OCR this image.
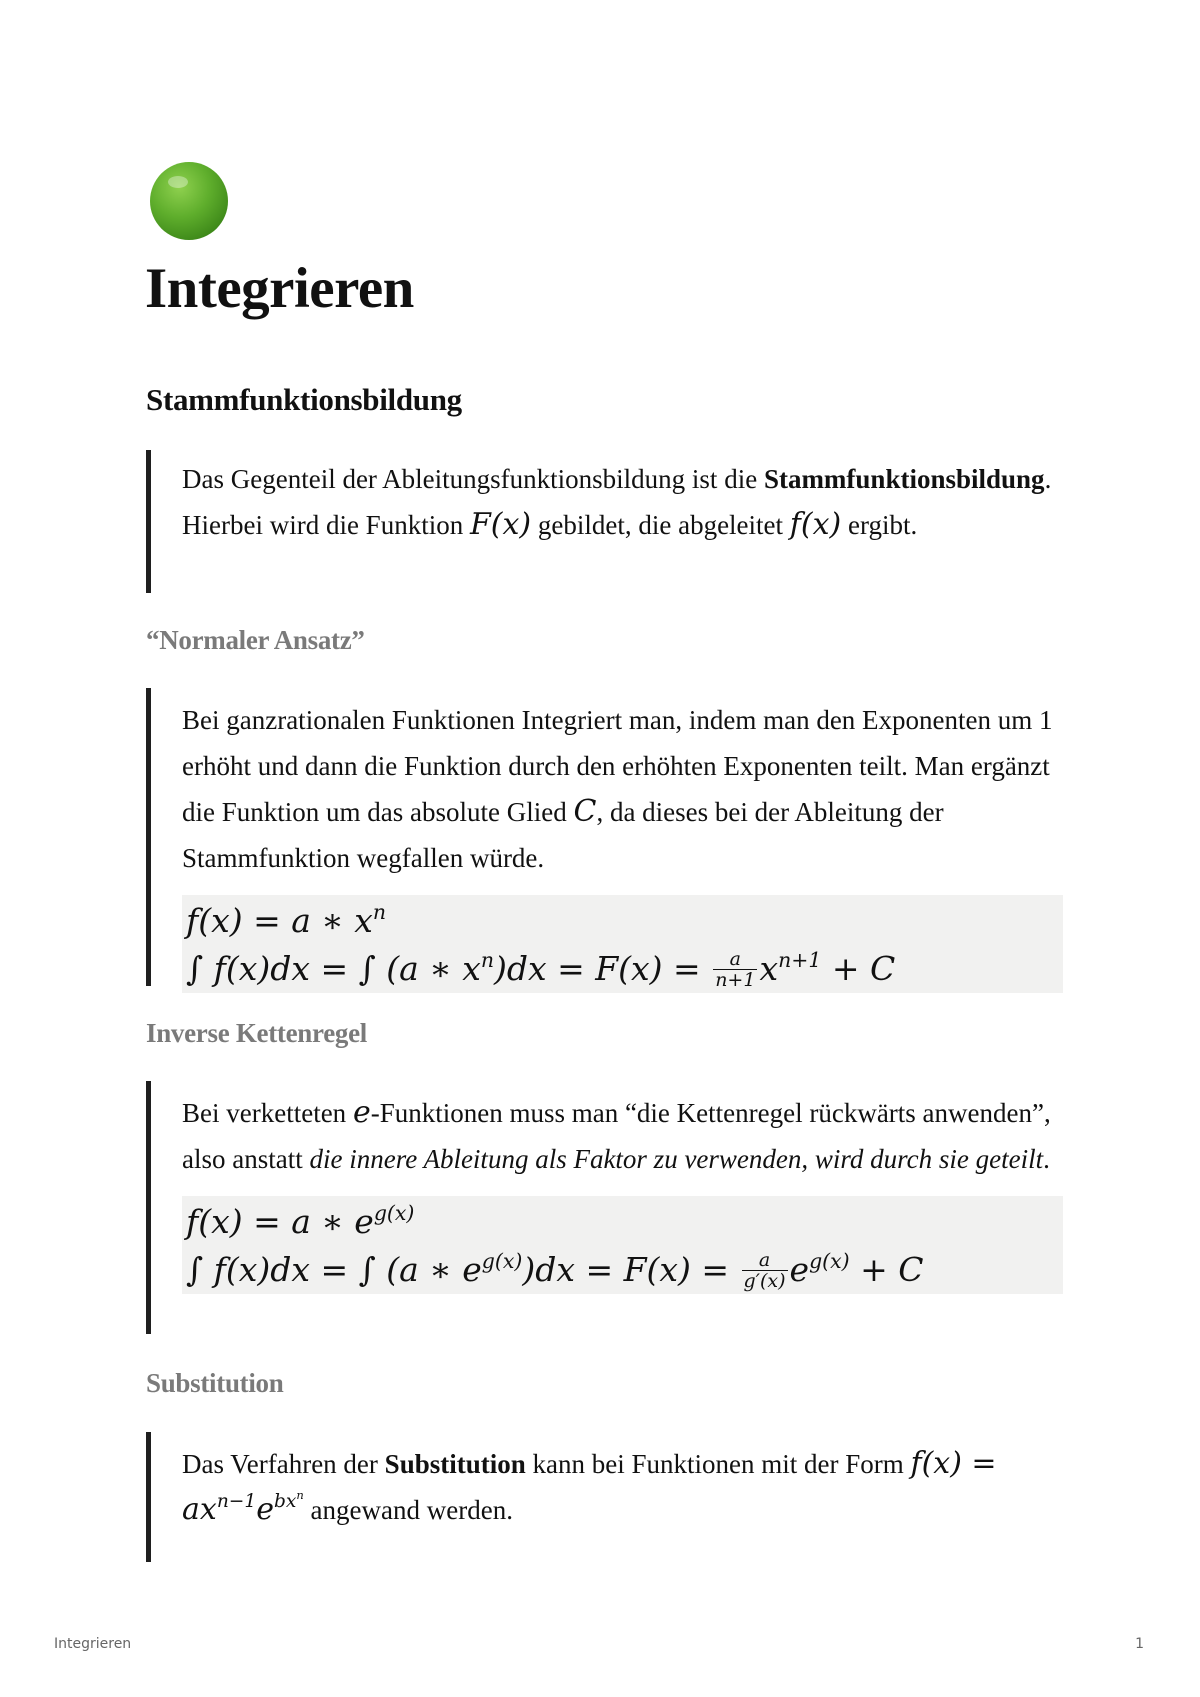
Integrieren
Stammfunktionsbildung
Das Gegenteil der Ableitungsfunktionsbildung ist die Stammfunktionsbildung. Hierbei wird die Funktion F(x) gebildet, die abgeleitet f(x) ergibt.
“Normaler Ansatz”
Bei ganzrationalen Funktionen Integriert man, indem man den Exponenten um 1 erhöht und dann die Funktion durch den erhöhten Exponenten teilt. Man ergänzt die Funktion um das absolute Glied C, da dieses bei der Ableitung der Stammfunktion wegfallen würde.
f(x) = a ∗ $x^n$
∫ f(x)dx = ∫ (a ∗ $x^n)dx = F(x) = \frac{a}{n+1} x^{n+1} + C$
Inverse Kettenregel
Bei verketteten e-Funktionen muss man “die Kettenregel rückwärts anwenden”, also anstatt die innere Ableitung als Faktor zu verwenden, wird durch sie geteilt.
f(x) = a ∗ $e^{g(x)}$
∫ f(x)dx = ∫ (a ∗ $e^{g(x)})dx = F(x) = \frac{a}{g'(x)} e^{g(x)} + C$
Substitution
Das Verfahren der Substitution kann bei Funktionen mit der Form $f(x) = ax^{n-1}e^{bx^n}$ angewand werden.
Integrieren	1
